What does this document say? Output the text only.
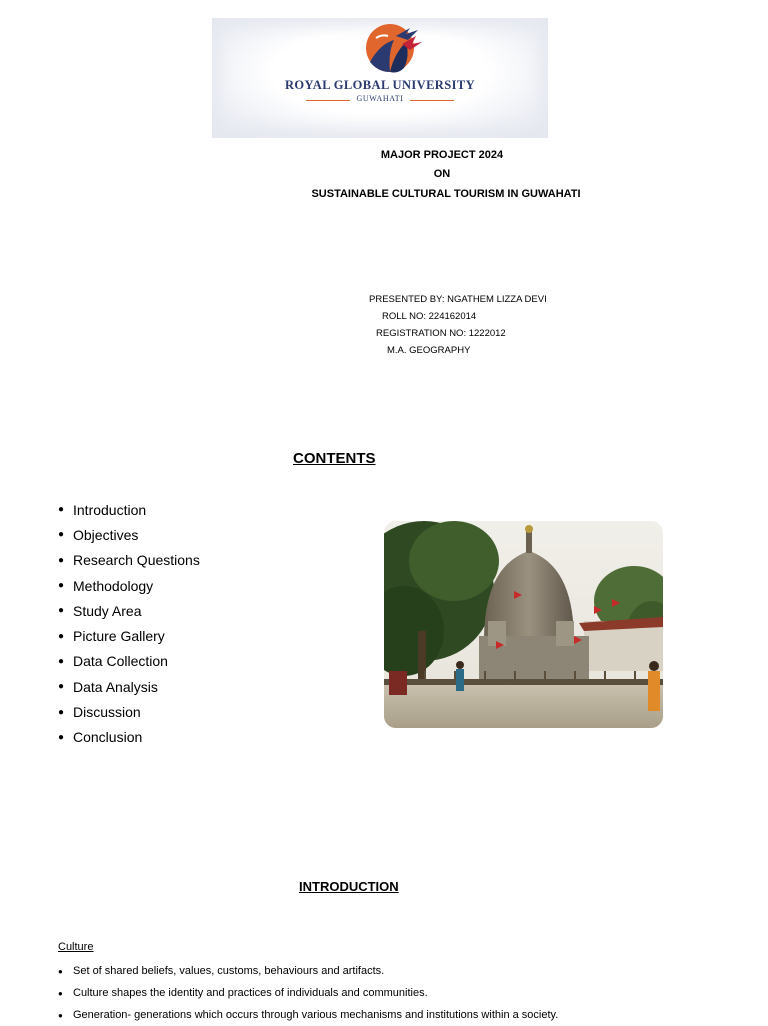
ROYAL GLOBAL UNIVERSITY
GUWAHATI
MAJOR PROJECT 2024
ON
SUSTAINABLE CULTURAL TOURISM IN GUWAHATI
PRESENTED BY: NGATHEM LIZZA DEVI
ROLL NO: 224162014
REGISTRATION NO: 1222012
M.A. GEOGRAPHY
CONTENTS
● Introduction
● Objectives
● Research Questions
● Methodology
● Study Area
● Picture Gallery
● Data Collection
● Data Analysis
● Discussion
● Conclusion
INTRODUCTION
Culture
● Set of shared beliefs, values, customs, behaviours and artifacts.
● Culture shapes the identity and practices of individuals and communities.
● Generation- generations which occurs through various mechanisms and institutions within a society.
